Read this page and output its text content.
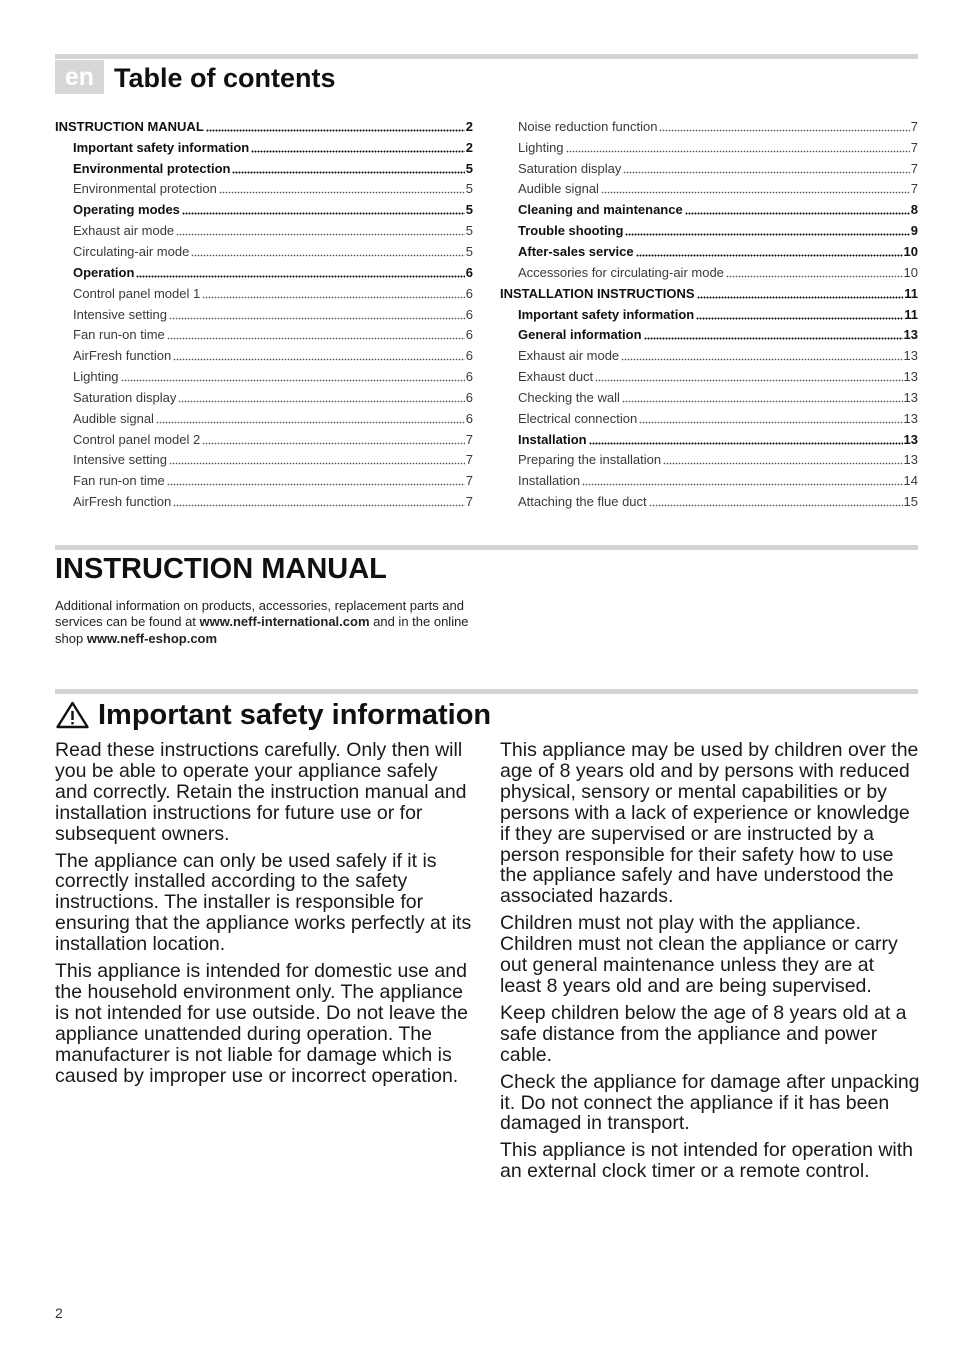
en Table of contents
INSTRUCTION MANUAL	2
Important safety information	2
Environmental protection	5
Environmental protection	5
Operating modes	5
Exhaust air mode	5
Circulating-air mode	5
Operation	6
Control panel model 1	6
Intensive setting	6
Fan run-on time	6
AirFresh function	6
Lighting	6
Saturation display	6
Audible signal	6
Control panel model 2	7
Intensive setting	7
Fan run-on time	7
AirFresh function	7
Noise reduction function	7
Lighting	7
Saturation display	7
Audible signal	7
Cleaning and maintenance	8
Trouble shooting	9
After-sales service	10
Accessories for circulating-air mode	10
INSTALLATION INSTRUCTIONS	11
Important safety information	11
General information	13
Exhaust air mode	13
Exhaust duct	13
Checking the wall	13
Electrical connection	13
Installation	13
Preparing the installation	13
Installation	14
Attaching the flue duct	15
INSTRUCTION MANUAL
Additional information on products, accessories, replacement parts and services can be found at www.neff-international.com and in the online shop www.neff-eshop.com
Important safety information

Read these instructions carefully. Only then will you be able to operate your appliance safely and correctly. Retain the instruction manual and installation instructions for future use or for subsequent owners.

The appliance can only be used safely if it is correctly installed according to the safety instructions. The installer is responsible for ensuring that the appliance works perfectly at its installation location.

This appliance is intended for domestic use and the household environment only. The appliance is not intended for use outside. Do not leave the appliance unattended during operation. The manufacturer is not liable for damage which is caused by improper use or incorrect operation.

This appliance may be used by children over the age of 8 years old and by persons with reduced physical, sensory or mental capabilities or by persons with a lack of experience or knowledge if they are supervised or are instructed by a person responsible for their safety how to use the appliance safely and have understood the associated hazards.

Children must not play with the appliance. Children must not clean the appliance or carry out general maintenance unless they are at least 8 years old and are being supervised.

Keep children below the age of 8 years old at a safe distance from the appliance and power cable.

Check the appliance for damage after unpacking it. Do not connect the appliance if it has been damaged in transport.

This appliance is not intended for operation with an external clock timer or a remote control.

2
